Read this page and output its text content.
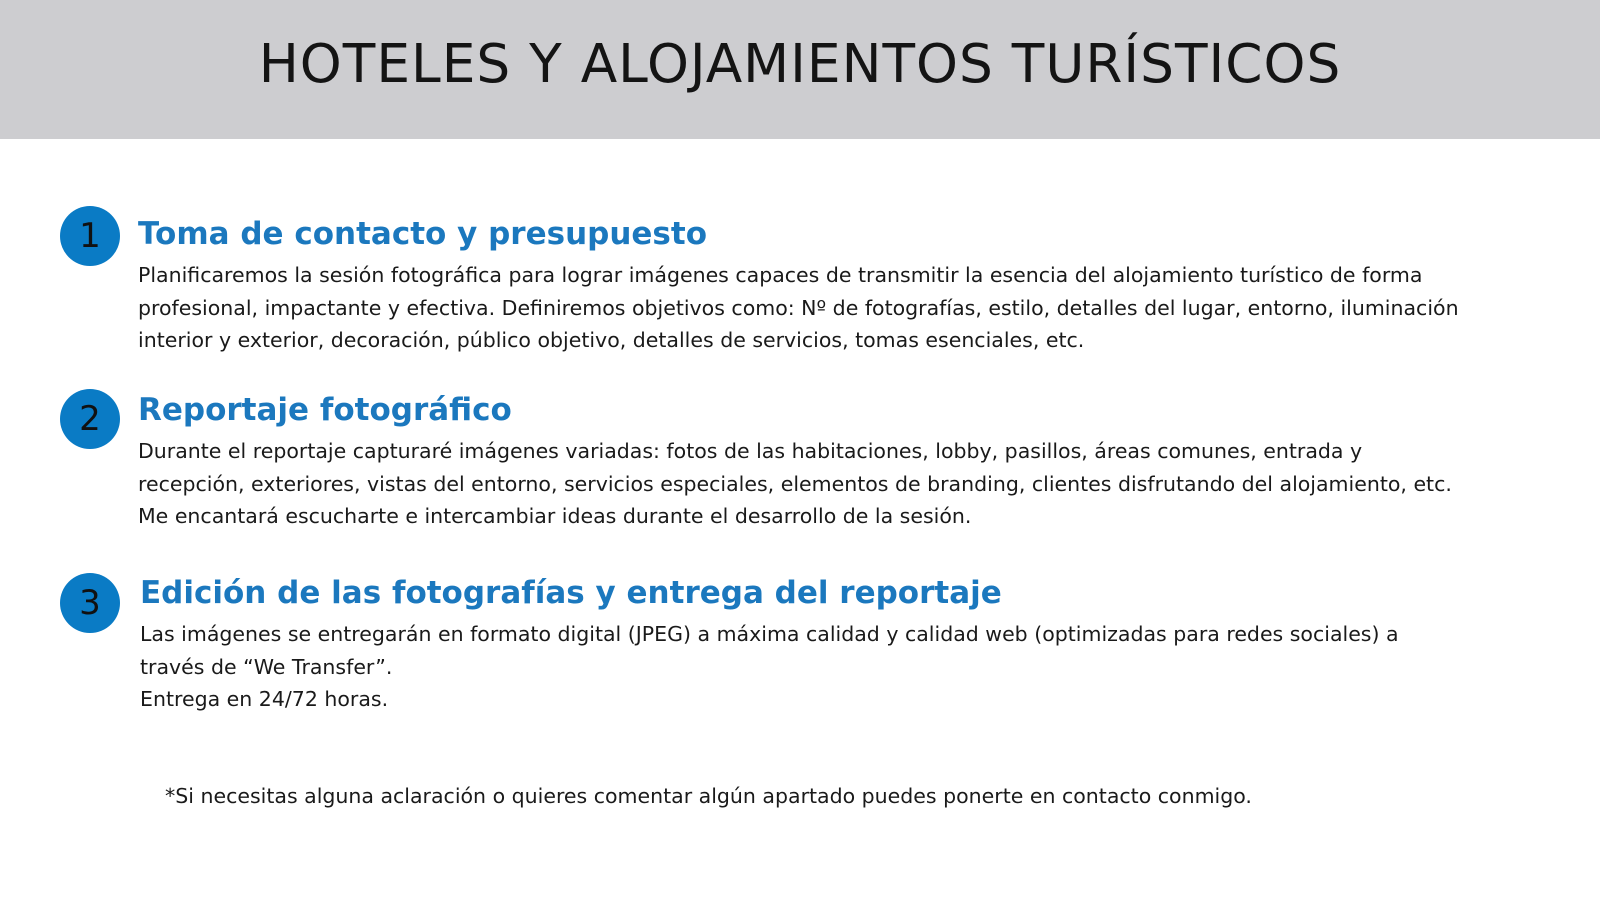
HOTELES Y ALOJAMIENTOS TURÍSTICOS
1	Toma de contacto y presupuesto
Planificaremos la sesión fotográfica para lograr imágenes capaces de transmitir la esencia del alojamiento turístico de forma
profesional, impactante y efectiva. Definiremos objetivos como: Nº de fotografías, estilo, detalles del lugar, entorno, iluminación
interior y exterior, decoración, público objetivo, detalles de servicios, tomas esenciales, etc.
2	Reportaje fotográfico
Durante el reportaje capturaré imágenes variadas: fotos de las habitaciones, lobby, pasillos, áreas comunes, entrada y
recepción, exteriores, vistas del entorno, servicios especiales, elementos de branding, clientes disfrutando del alojamiento, etc.
Me encantará escucharte e intercambiar ideas durante el desarrollo de la sesión.
3	Edición de las fotografías y entrega del reportaje
Las imágenes se entregarán en formato digital (JPEG) a máxima calidad y calidad web (optimizadas para redes sociales) a
través de “We Transfer”.
Entrega en 24/72 horas.
*Si necesitas alguna aclaración o quieres comentar algún apartado puedes ponerte en contacto conmigo.
